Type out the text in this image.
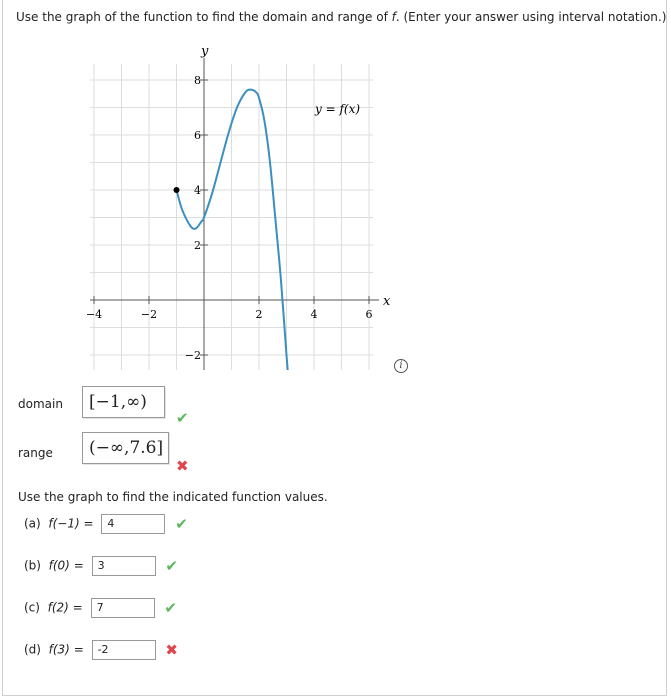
Use the graph of the function to find the domain and range of f. (Enter your answer using interval notation.)
−4	−2	2	4	6
−2
2
4
6
8
y = f(x)
x
y
i
domain	[−1,∞)
✔
range	(−∞,7.6]
✖
Use the graph to find the indicated function values.
(a) f(−1) = 4	✔
(b) f(0) = 3	✔
(c) f(2) = 7	✔
(d) f(3) = -2	✖
